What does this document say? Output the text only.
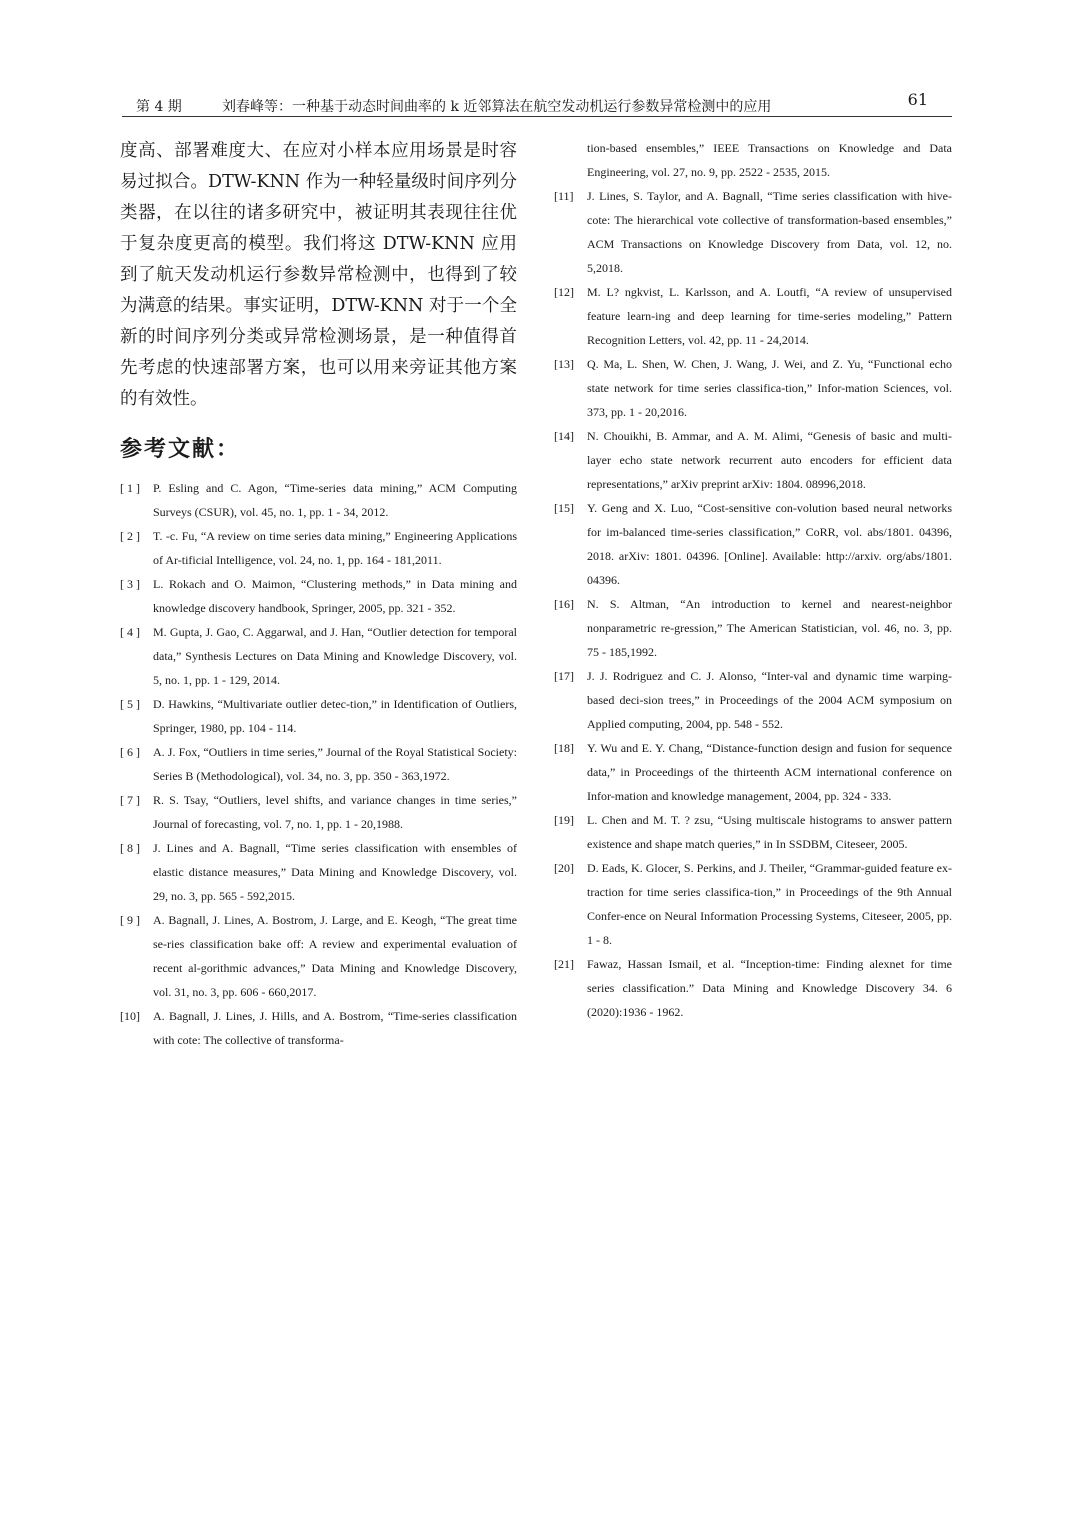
第 4 期	刘春峰等：一种基于动态时间曲率的 k 近邻算法在航空发动机运行参数异常检测中的应用	61

度高、部署难度大、在应对小样本应用场景是时容易过拟合。DTW-KNN 作为一种轻量级时间序列分类器，在以往的诸多研究中，被证明其表现往往优于复杂度更高的模型。我们将这 DTW-KNN 应用到了航天发动机运行参数异常检测中，也得到了较为满意的结果。事实证明，DTW-KNN 对于一个全新的时间序列分类或异常检测场景，是一种值得首先考虑的快速部署方案，也可以用来旁证其他方案的有效性。

参考文献：
[ 1 ] P. Esling and C. Agon, “Time-series data mining,” ACM Computing Surveys (CSUR), vol. 45, no. 1, pp. 1 - 34, 2012.
[ 2 ] T. -c. Fu, “A review on time series data mining,” Engineering Applications of Ar-tificial Intelligence, vol. 24, no. 1, pp. 164 - 181,2011.
[ 3 ] L. Rokach and O. Maimon, “Clustering methods,” in Data mining and knowledge discovery handbook, Springer, 2005, pp. 321 - 352.
[ 4 ] M. Gupta, J. Gao, C. Aggarwal, and J. Han, “Outlier detection for temporal data,” Synthesis Lectures on Data Mining and Knowledge Discovery, vol. 5, no. 1, pp. 1 - 129, 2014.
[ 5 ] D. Hawkins, “Multivariate outlier detec-tion,” in Identification of Outliers, Springer, 1980, pp. 104 - 114.
[ 6 ] A. J. Fox, “Outliers in time series,” Journal of the Royal Statistical Society: Series B (Methodological), vol. 34, no. 3, pp. 350 - 363,1972.
[ 7 ] R. S. Tsay, “Outliers, level shifts, and variance changes in time series,” Journal of forecasting, vol. 7, no. 1, pp. 1 - 20,1988.
[ 8 ] J. Lines and A. Bagnall, “Time series classification with ensembles of elastic distance measures,” Data Mining and Knowledge Discovery, vol. 29, no. 3, pp. 565 - 592,2015.
[ 9 ] A. Bagnall, J. Lines, A. Bostrom, J. Large, and E. Keogh, “The great time se-ries classification bake off: A review and experimental evaluation of recent al-gorithmic advances,” Data Mining and Knowledge Discovery, vol. 31, no. 3, pp. 606 - 660,2017.
[10] A. Bagnall, J. Lines, J. Hills, and A. Bostrom, “Time-series classification with cote: The collective of transforma-
tion-based ensembles,” IEEE Transactions on Knowledge and Data Engineering, vol. 27, no. 9, pp. 2522 - 2535, 2015.
[11] J. Lines, S. Taylor, and A. Bagnall, “Time series classification with hive-cote: The hierarchical vote collective of transformation-based ensembles,” ACM Transactions on Knowledge Discovery from Data, vol. 12, no. 5,2018.
[12] M. L? ngkvist, L. Karlsson, and A. Loutfi, “A review of unsupervised feature learn-ing and deep learning for time-series modeling,” Pattern Recognition Letters, vol. 42, pp. 11 - 24,2014.
[13] Q. Ma, L. Shen, W. Chen, J. Wang, J. Wei, and Z. Yu, “Functional echo state network for time series classifica-tion,” Infor-mation Sciences, vol. 373, pp. 1 - 20,2016.
[14] N. Chouikhi, B. Ammar, and A. M. Alimi, “Genesis of basic and multi-layer echo state network recurrent auto encoders for efficient data representations,” arXiv preprint arXiv: 1804. 08996,2018.
[15] Y. Geng and X. Luo, “Cost-sensitive con-volution based neural networks for im-balanced time-series classification,” CoRR, vol. abs/1801. 04396, 2018. arXiv: 1801. 04396. [Online]. Available: http://arxiv. org/abs/1801. 04396.
[16] N. S. Altman, “An introduction to kernel and nearest-neighbor nonparametric re-gression,” The American Statistician, vol. 46, no. 3, pp. 75 - 185,1992.
[17] J. J. Rodriguez and C. J. Alonso, “Inter-val and dynamic time warping-based deci-sion trees,” in Proceedings of the 2004 ACM symposium on Applied computing, 2004, pp. 548 - 552.
[18] Y. Wu and E. Y. Chang, “Distance-function design and fusion for sequence data,” in Proceedings of the thirteenth ACM international conference on Infor-mation and knowledge management, 2004, pp. 324 - 333.
[19] L. Chen and M. T. ? zsu, “Using multiscale histograms to answer pattern existence and shape match queries,” in In SSDBM, Citeseer, 2005.
[20] D. Eads, K. Glocer, S. Perkins, and J. Theiler, “Grammar-guided feature ex-traction for time series classifica-tion,” in Proceedings of the 9th Annual Confer-ence on Neural Information Processing Systems, Citeseer, 2005, pp. 1 - 8.
[21] Fawaz, Hassan Ismail, et al. “Inception-time: Finding alexnet for time series classification.” Data Mining and Knowledge Discovery 34. 6 (2020):1936 - 1962.
